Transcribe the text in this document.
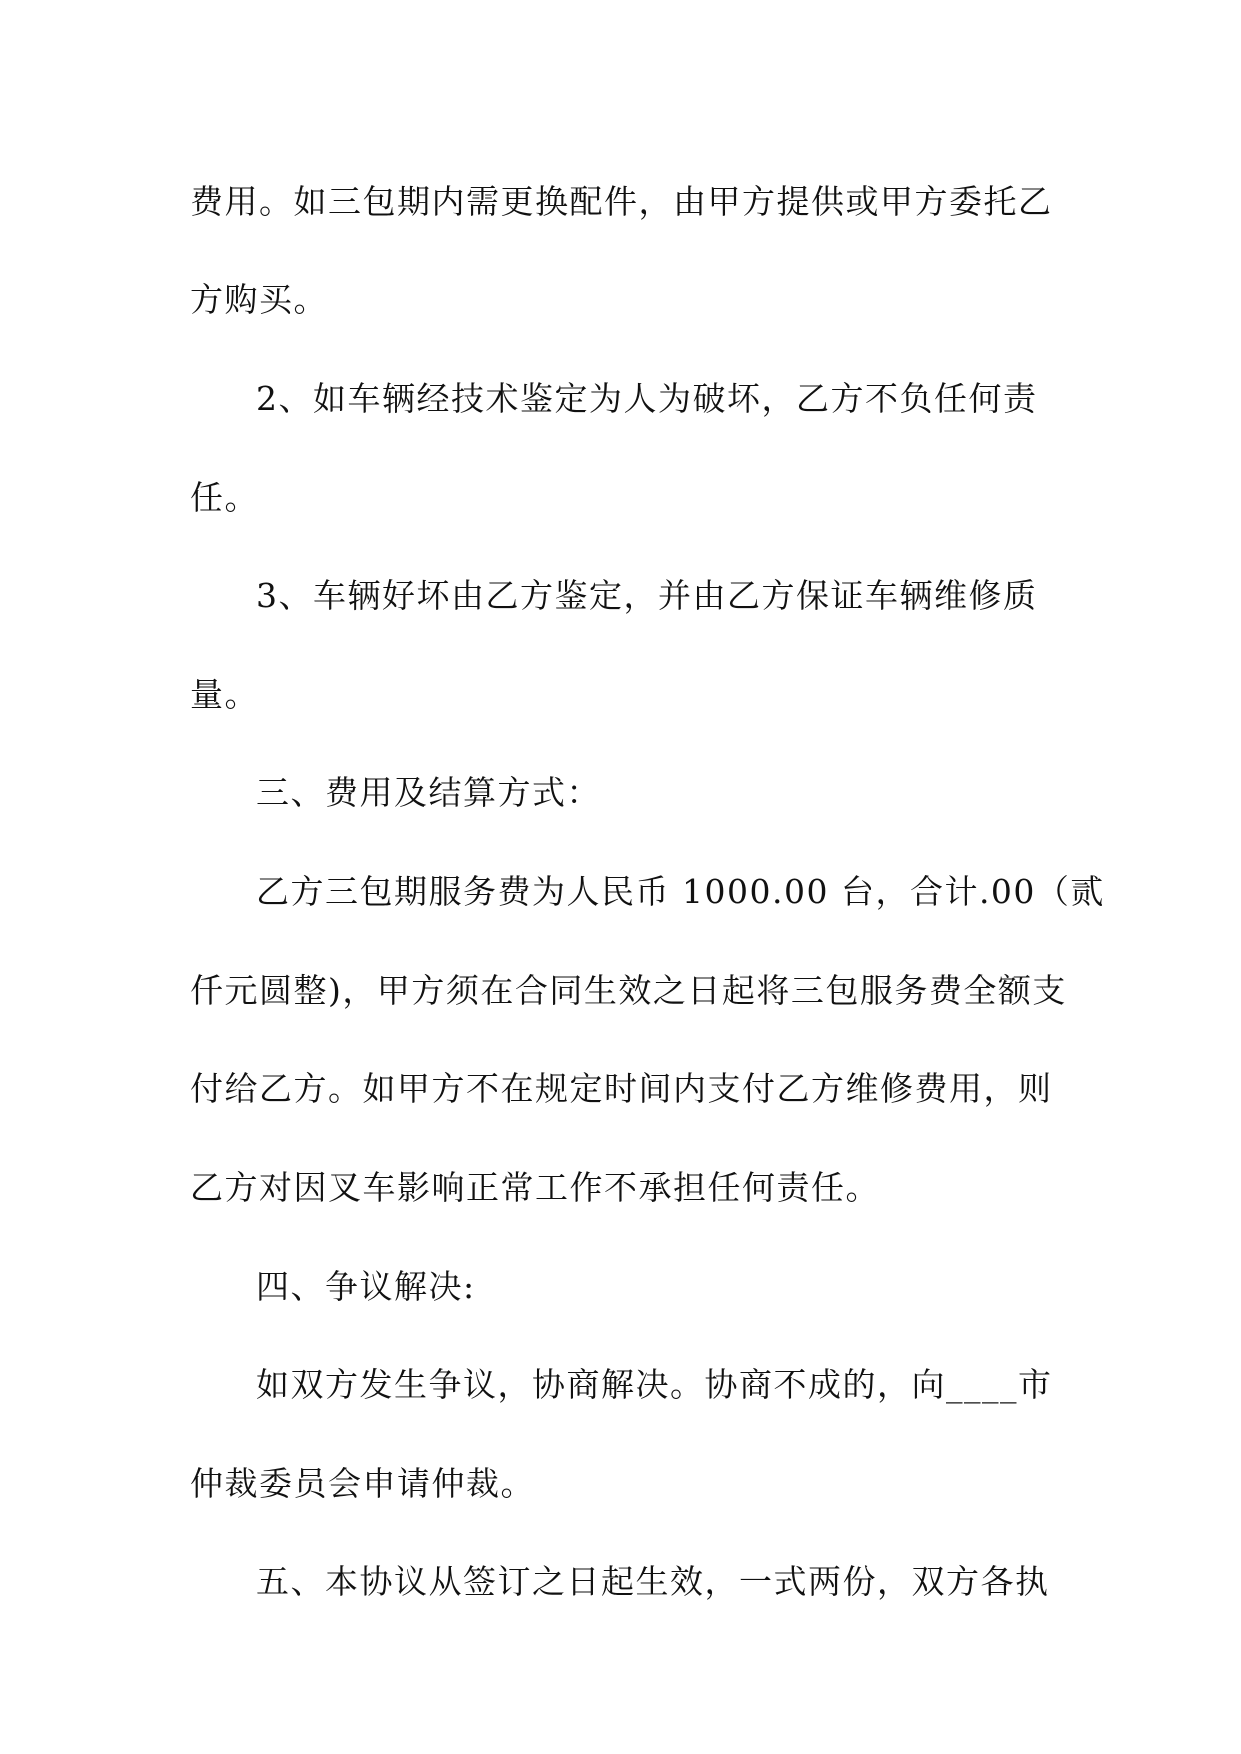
费用。如三包期内需更换配件，由甲方提供或甲方委托乙

方购买。

2、如车辆经技术鉴定为人为破坏，乙方不负任何责

任。

3、车辆好坏由乙方鉴定，并由乙方保证车辆维修质

量。

三、费用及结算方式：

乙方三包期服务费为人民币 1000.00 台，合计.00（贰

仟元圆整)，甲方须在合同生效之日起将三包服务费全额支

付给乙方。如甲方不在规定时间内支付乙方维修费用，则

乙方对因叉车影响正常工作不承担任何责任。

四、争议解决:

如双方发生争议，协商解决。协商不成的，向____市

仲裁委员会申请仲裁。

五、本协议从签订之日起生效，一式两份，双方各执
